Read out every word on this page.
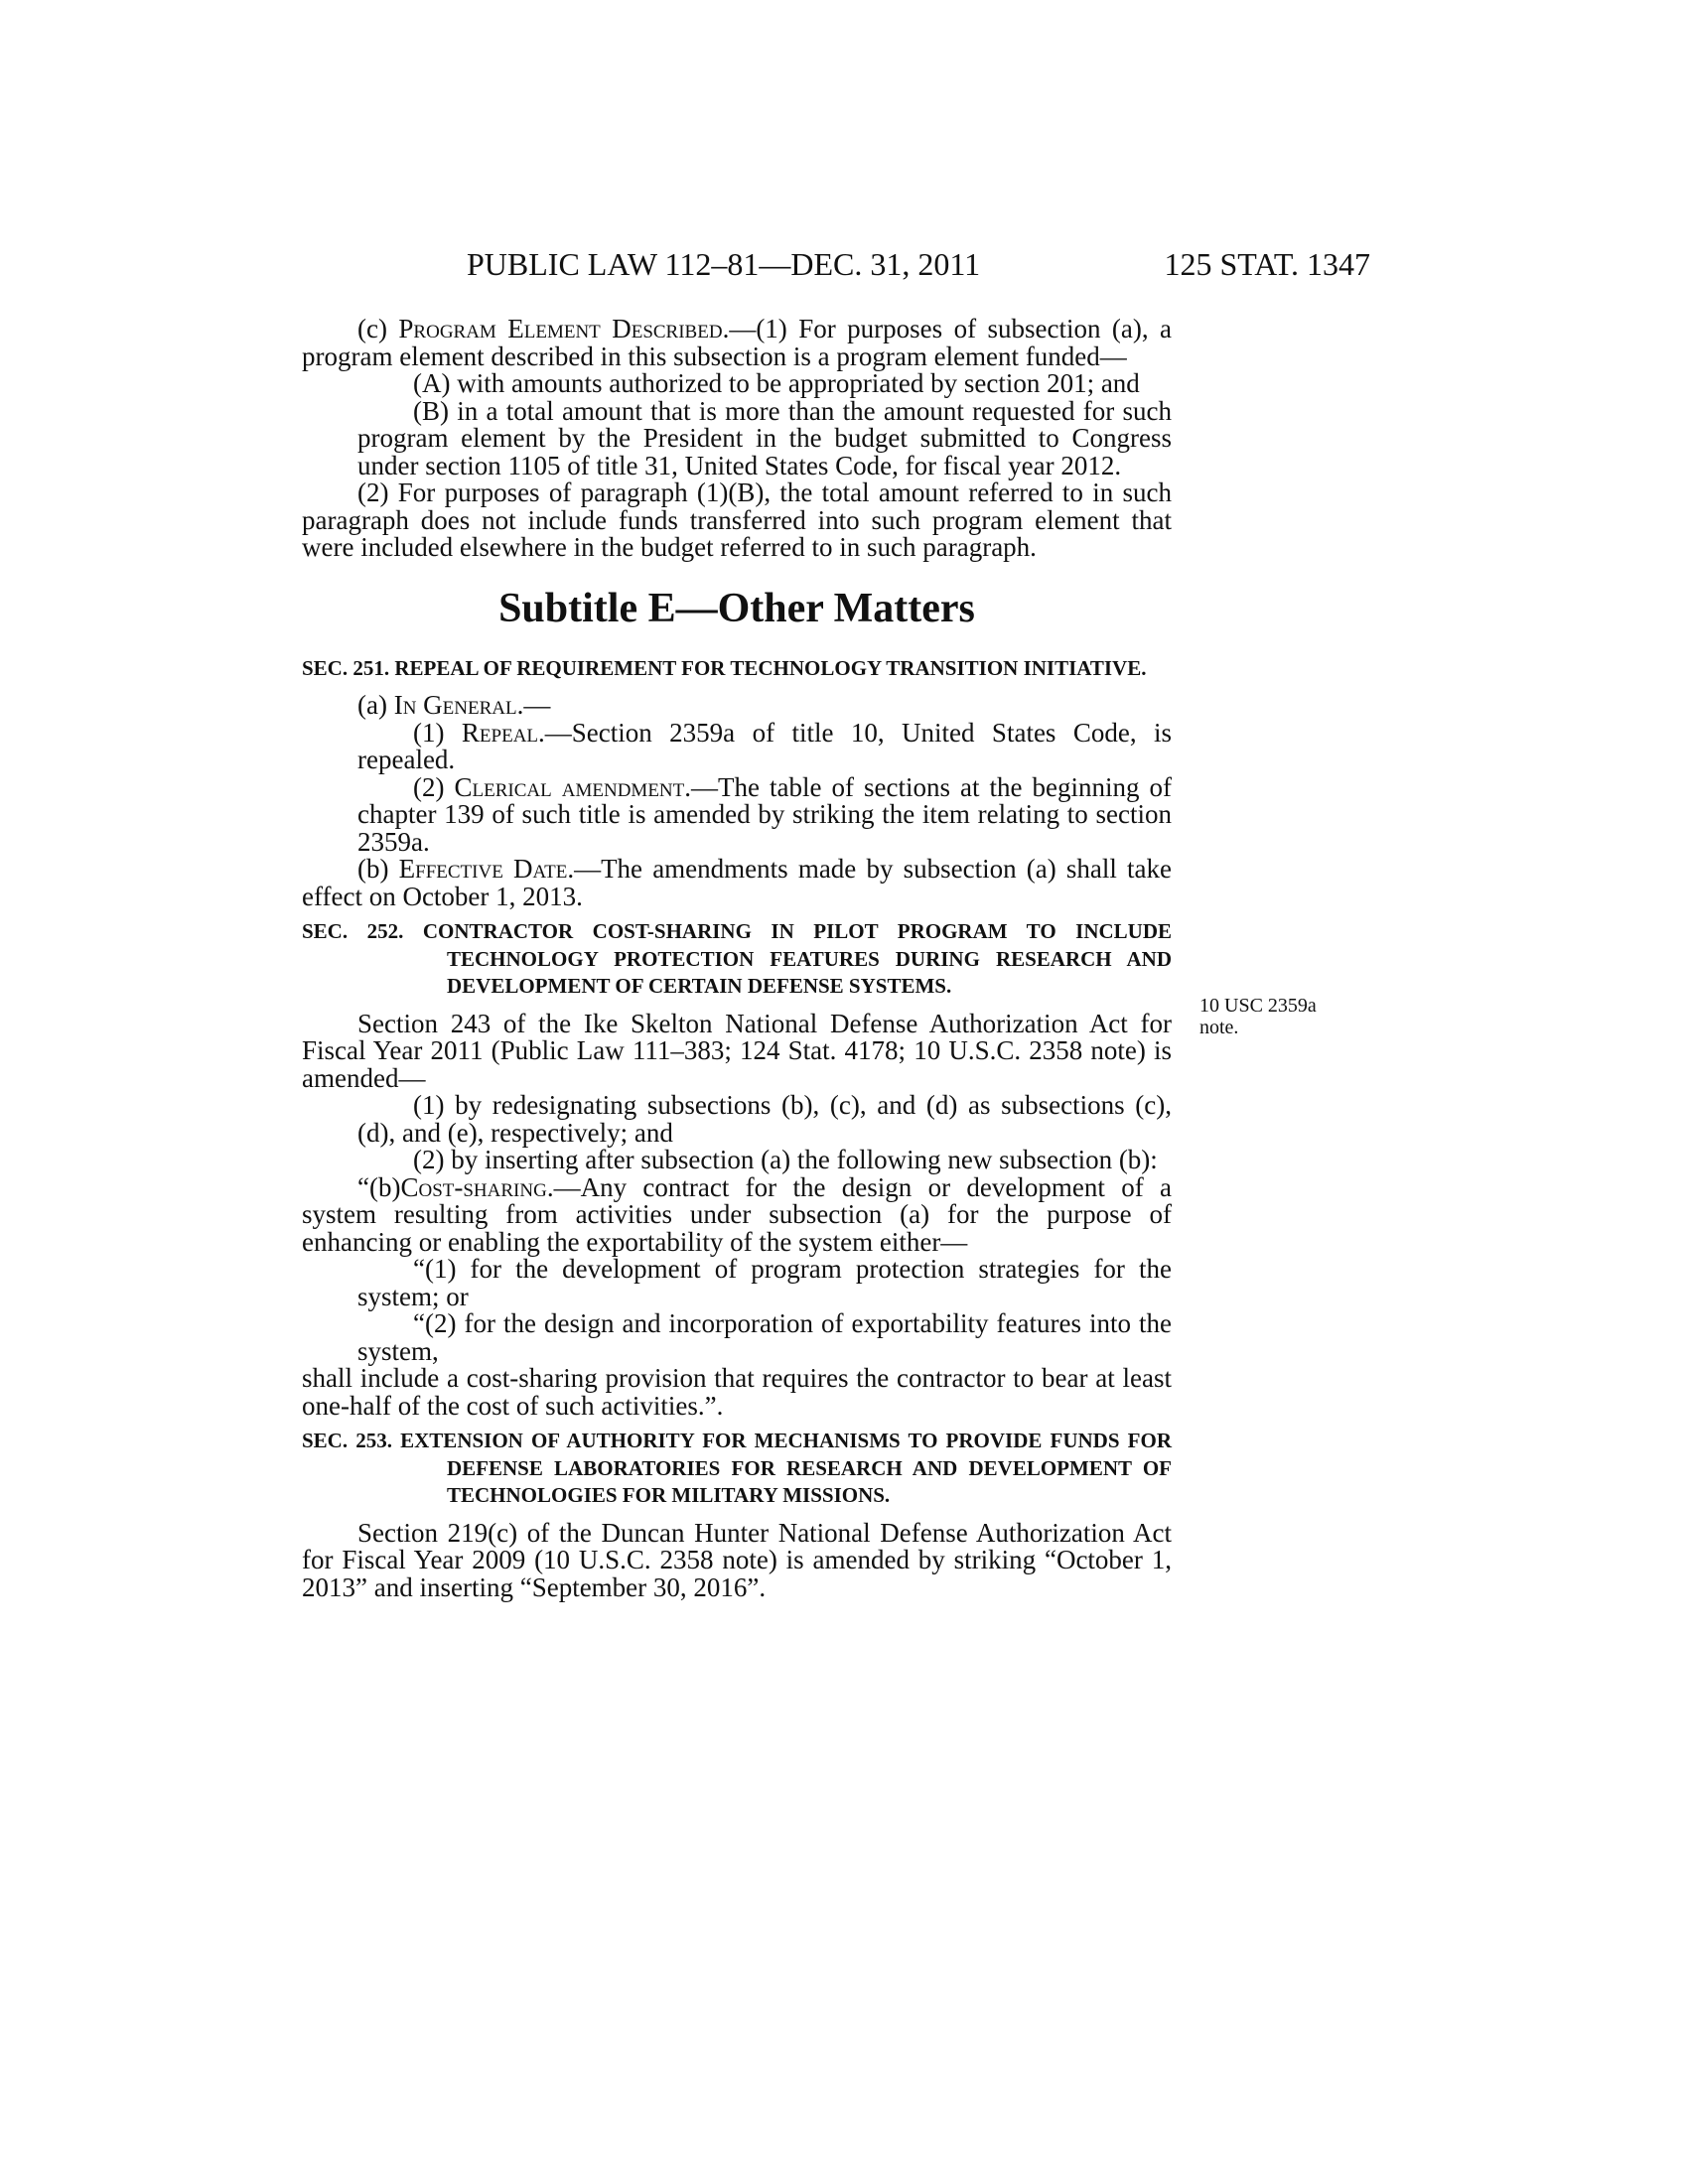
PUBLIC LAW 112–81—DEC. 31, 2011	125 STAT. 1347

(c) Program Element Described.—(1) For purposes of subsection (a), a program element described in this subsection is a program element funded—

(A) with amounts authorized to be appropriated by section 201; and

(B) in a total amount that is more than the amount requested for such program element by the President in the budget submitted to Congress under section 1105 of title 31, United States Code, for fiscal year 2012.

(2) For purposes of paragraph (1)(B), the total amount referred to in such paragraph does not include funds transferred into such program element that were included elsewhere in the budget referred to in such paragraph.

Subtitle E—Other Matters
SEC. 251. REPEAL OF REQUIREMENT FOR TECHNOLOGY TRANSITION INITIATIVE.

(a) In General.—

(1) Repeal.—Section 2359a of title 10, United States Code, is repealed.

(2) Clerical amendment.—The table of sections at the beginning of chapter 139 of such title is amended by striking the item relating to section 2359a.

(b) Effective Date.—The amendments made by subsection (a) shall take effect on October 1, 2013.

SEC. 252. CONTRACTOR COST-SHARING IN PILOT PROGRAM TO INCLUDE TECHNOLOGY PROTECTION FEATURES DURING RESEARCH AND DEVELOPMENT OF CERTAIN DEFENSE SYSTEMS.

Section 243 of the Ike Skelton National Defense Authorization Act for Fiscal Year 2011 (Public Law 111–383; 124 Stat. 4178; 10 U.S.C. 2358 note) is amended—

(1) by redesignating subsections (b), (c), and (d) as subsections (c), (d), and (e), respectively; and

(2) by inserting after subsection (a) the following new subsection (b):

“(b)Cost-sharing.—Any contract for the design or development of a system resulting from activities under subsection (a) for the purpose of enhancing or enabling the exportability of the system either—

“(1) for the development of program protection strategies for the system; or

“(2) for the design and incorporation of exportability features into the system,

shall include a cost-sharing provision that requires the contractor to bear at least one-half of the cost of such activities.”.

SEC. 253. EXTENSION OF AUTHORITY FOR MECHANISMS TO PROVIDE FUNDS FOR DEFENSE LABORATORIES FOR RESEARCH AND DEVELOPMENT OF TECHNOLOGIES FOR MILITARY MISSIONS.

Section 219(c) of the Duncan Hunter National Defense Authorization Act for Fiscal Year 2009 (10 U.S.C. 2358 note) is amended by striking “October 1, 2013” and inserting “September 30, 2016”.

10 USC 2359a
note.
